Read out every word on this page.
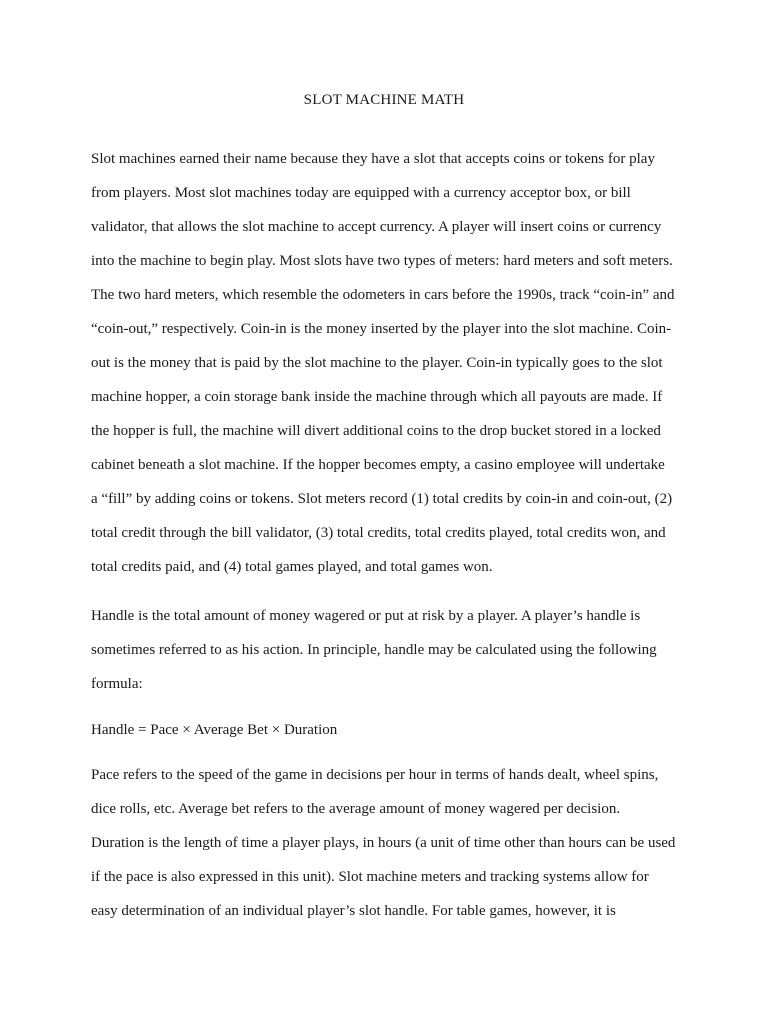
SLOT MACHINE MATH
Slot machines earned their name because they have a slot that accepts coins or tokens for play
from players. Most slot machines today are equipped with a currency acceptor box, or bill
validator, that allows the slot machine to accept currency. A player will insert coins or currency
into the machine to begin play. Most slots have two types of meters: hard meters and soft meters.
The two hard meters, which resemble the odometers in cars before the 1990s, track “coin-in” and
“coin-out,” respectively. Coin-in is the money inserted by the player into the slot machine. Coin-
out is the money that is paid by the slot machine to the player. Coin-in typically goes to the slot
machine hopper, a coin storage bank inside the machine through which all payouts are made. If
the hopper is full, the machine will divert additional coins to the drop bucket stored in a locked
cabinet beneath a slot machine. If the hopper becomes empty, a casino employee will undertake
a “fill” by adding coins or tokens. Slot meters record (1) total credits by coin-in and coin-out, (2)
total credit through the bill validator, (3) total credits, total credits played, total credits won, and
total credits paid, and (4) total games played, and total games won.
Handle is the total amount of money wagered or put at risk by a player. A player’s handle is
sometimes referred to as his action. In principle, handle may be calculated using the following
formula:
Handle = Pace × Average Bet × Duration
Pace refers to the speed of the game in decisions per hour in terms of hands dealt, wheel spins,
dice rolls, etc. Average bet refers to the average amount of money wagered per decision.
Duration is the length of time a player plays, in hours (a unit of time other than hours can be used
if the pace is also expressed in this unit). Slot machine meters and tracking systems allow for
easy determination of an individual player’s slot handle. For table games, however, it is
